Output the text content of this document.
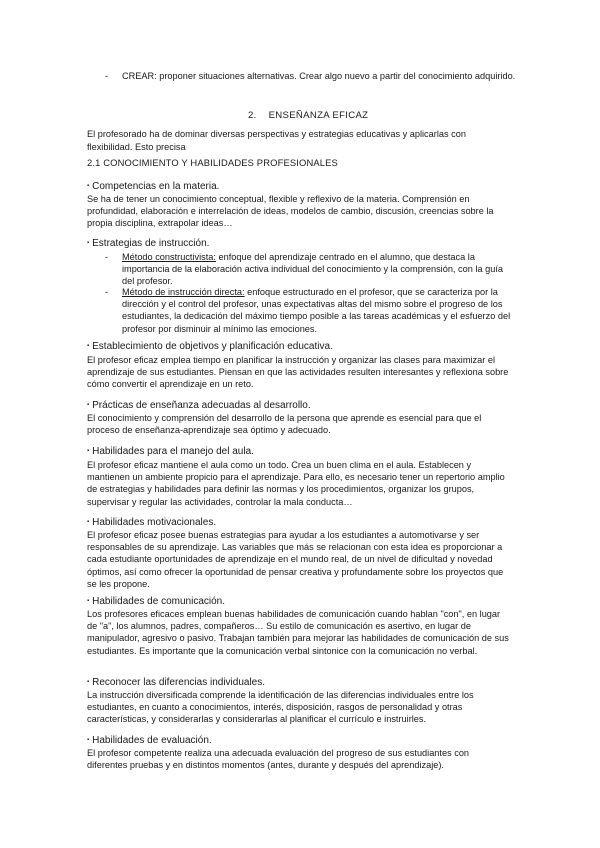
- CREAR: proponer situaciones alternativas. Crear algo nuevo a partir del conocimiento adquirido.
2. ENSEÑANZA EFICAZ
El profesorado ha de dominar diversas perspectivas y estrategias educativas y aplicarlas con flexibilidad. Esto precisa
2.1 CONOCIMIENTO Y HABILIDADES PROFESIONALES
▪ Competencias en la materia.
Se ha de tener un conocimiento conceptual, flexible y reflexivo de la materia. Comprensión en profundidad, elaboración e interrelación de ideas, modelos de cambio, discusión, creencias sobre la propia disciplina, extrapolar ideas…
▪ Estrategias de instrucción.
- Método constructivista: enfoque del aprendizaje centrado en el alumno, que destaca la importancia de la elaboración activa individual del conocimiento y la comprensión, con la guía del profesor.
- Método de instrucción directa: enfoque estructurado en el profesor, que se caracteriza por la dirección y el control del profesor, unas expectativas altas del mismo sobre el progreso de los estudiantes, la dedicación del máximo tiempo posible a las tareas académicas y el esfuerzo del profesor por disminuir al mínimo las emociones.
▪ Establecimiento de objetivos y planificación educativa.
El profesor eficaz emplea tiempo en planificar la instrucción y organizar las clases para maximizar el aprendizaje de sus estudiantes. Piensan en que las actividades resulten interesantes y reflexiona sobre cómo convertir el aprendizaje en un reto.
▪ Prácticas de enseñanza adecuadas al desarrollo.
El conocimiento y comprensión del desarrollo de la persona que aprende es esencial para que el proceso de enseñanza-aprendizaje sea óptimo y adecuado.
▪ Habilidades para el manejo del aula.
El profesor eficaz mantiene el aula como un todo. Crea un buen clima en el aula. Establecen y mantienen un ambiente propicio para el aprendizaje. Para ello, es necesario tener un repertorio amplio de estrategias y habilidades para definir las normas y los procedimientos, organizar los grupos, supervisar y regular las actividades, controlar la mala conducta…
▪ Habilidades motivacionales.
El profesor eficaz posee buenas estrategias para ayudar a los estudiantes a automotivarse y ser responsables de su aprendizaje. Las variables que más se relacionan con esta idea es proporcionar a cada estudiante oportunidades de aprendizaje en el mundo real, de un nivel de dificultad y novedad óptimos, así como ofrecer la oportunidad de pensar creativa y profundamente sobre los proyectos que se les propone.
▪ Habilidades de comunicación.
Los profesores eficaces emplean buenas habilidades de comunicación cuando hablan "con", en lugar de "a", los alumnos, padres, compañeros… Su estilo de comunicación es asertivo, en lugar de manipulador, agresivo o pasivo. Trabajan también para mejorar las habilidades de comunicación de sus estudiantes. Es importante que la comunicación verbal sintonice con la comunicación no verbal.
▪ Reconocer las diferencias individuales.
La instrucción diversificada comprende la identificación de las diferencias individuales entre los estudiantes, en cuanto a conocimientos, interés, disposición, rasgos de personalidad y otras características, y considerarlas y considerarlas al planificar el currículo e instruirles.
▪ Habilidades de evaluación.
El profesor competente realiza una adecuada evaluación del progreso de sus estudiantes con diferentes pruebas y en distintos momentos (antes, durante y después del aprendizaje).
